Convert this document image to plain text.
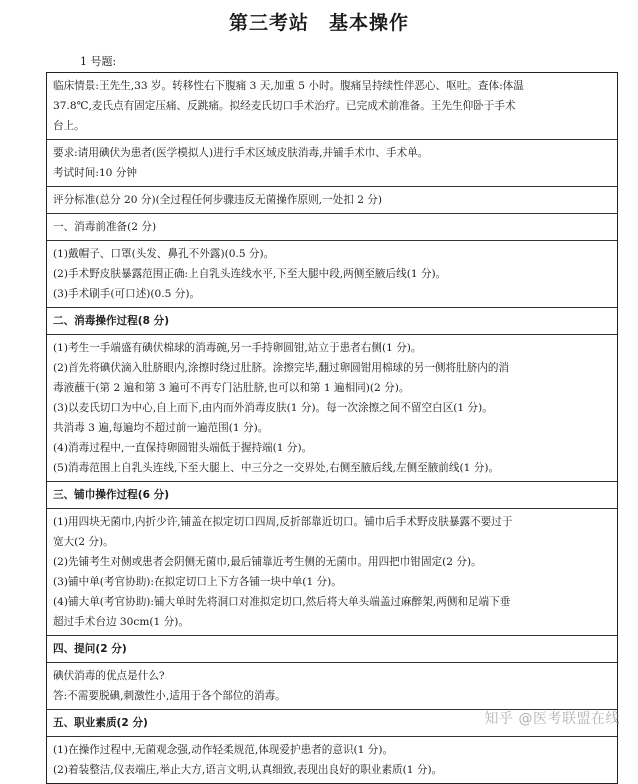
第三考站　基本操作
1 号题:
临床情景:王先生,33 岁。转移性右下腹痛 3 天,加重 5 小时。腹痛呈持续性伴恶心、呕吐。查体:体温
37.8℃,麦氏点有固定压痛、反跳痛。拟经麦氏切口手术治疗。已完成术前准备。王先生仰卧于手术
台上。
要求:请用碘伏为患者(医学模拟人)进行手术区域皮肤消毒,并铺手术巾、手术单。
考试时间:10 分钟
评分标准(总分 20 分)(全过程任何步骤违反无菌操作原则,一处扣 2 分)
一、消毒前准备(2 分)
(1)戴帽子、口罩(头发、鼻孔不外露)(0.5 分)。
(2)手术野皮肤暴露范围正确:上自乳头连线水平,下至大腿中段,两侧至腋后线(1 分)。
(3)手术刷手(可口述)(0.5 分)。
二、消毒操作过程(8 分)
(1)考生一手端盛有碘伏棉球的消毒碗,另一手持卵圆钳,站立于患者右侧(1 分)。
(2)首先将碘伏滴入肚脐眼内,涂擦时绕过肚脐。涂擦完毕,翻过卵圆钳用棉球的另一侧将肚脐内的消
毒液蘸干(第 2 遍和第 3 遍可不再专门沾肚脐,也可以和第 1 遍相同)(2 分)。
(3)以麦氏切口为中心,自上而下,由内而外消毒皮肤(1 分)。每一次涂擦之间不留空白区(1 分)。
共消毒 3 遍,每遍均不超过前一遍范围(1 分)。
(4)消毒过程中,一直保持卵圆钳头端低于握持端(1 分)。
(5)消毒范围上自乳头连线,下至大腿上、中三分之一交界处,右侧至腋后线,左侧至腋前线(1 分)。
三、铺巾操作过程(6 分)
(1)用四块无菌巾,内折少许,铺盖在拟定切口四周,反折部靠近切口。铺巾后手术野皮肤暴露不要过于
宽大(2 分)。
(2)先铺考生对侧或患者会阴侧无菌巾,最后铺靠近考生侧的无菌巾。用四把巾钳固定(2 分)。
(3)铺中单(考官协助):在拟定切口上下方各铺一块中单(1 分)。
(4)铺大单(考官协助):铺大单时先将洞口对准拟定切口,然后将大单头端盖过麻醉架,两侧和足端下垂
超过手术台边 30cm(1 分)。
四、提问(2 分)
碘伏消毒的优点是什么?
答:不需要脱碘,刺激性小,适用于各个部位的消毒。
五、职业素质(2 分)
(1)在操作过程中,无菌观念强,动作轻柔规范,体现爱护患者的意识(1 分)。
(2)着装整洁,仪表端庄,举止大方,语言文明,认真细致,表现出良好的职业素质(1 分)。
知乎 @医考联盟在线
